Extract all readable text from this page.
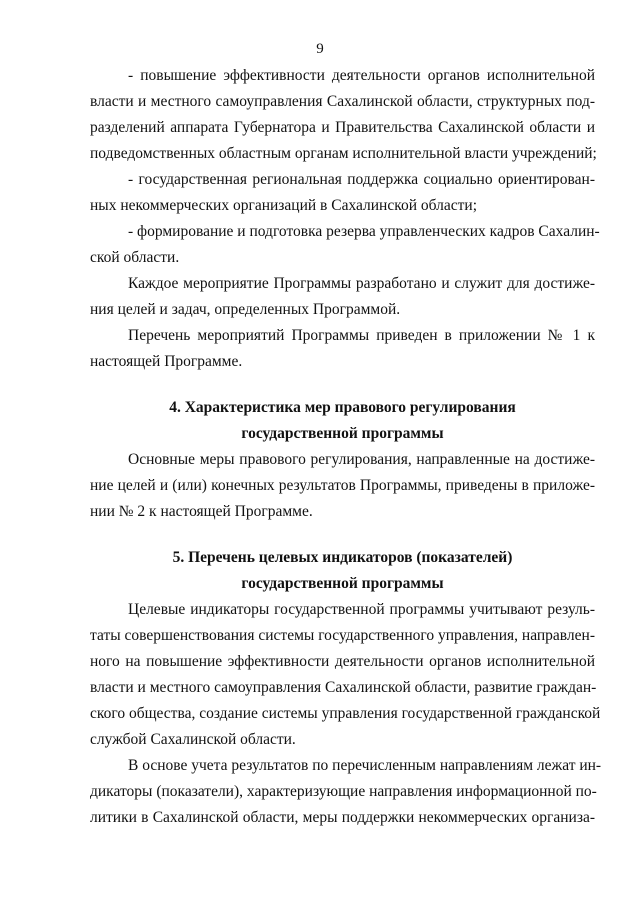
9
- повышение эффективности деятельности органов исполнительной
власти и местного самоуправления Сахалинской области, структурных под-
разделений аппарата Губернатора и Правительства Сахалинской области и
подведомственных областным органам исполнительной власти учреждений;
- государственная региональная поддержка социально ориентирован-
ных некоммерческих организаций в Сахалинской области;
- формирование и подготовка резерва управленческих кадров Сахалин-
ской области.
Каждое мероприятие Программы разработано и служит для достиже-
ния целей и задач, определенных Программой.
Перечень мероприятий Программы приведен в приложении № 1 к
настоящей Программе.
4. Характеристика мер правового регулирования
государственной программы
Основные меры правового регулирования, направленные на достиже-
ние целей и (или) конечных результатов Программы, приведены в приложе-
нии № 2 к настоящей Программе.
5. Перечень целевых индикаторов (показателей)
государственной программы
Целевые индикаторы государственной программы учитывают резуль-
таты совершенствования системы государственного управления, направлен-
ного на повышение эффективности деятельности органов исполнительной
власти и местного самоуправления Сахалинской области, развитие граждан-
ского общества, создание системы управления государственной гражданской
службой Сахалинской области.
В основе учета результатов по перечисленным направлениям лежат ин-
дикаторы (показатели), характеризующие направления информационной по-
литики в Сахалинской области, меры поддержки некоммерческих организа-
